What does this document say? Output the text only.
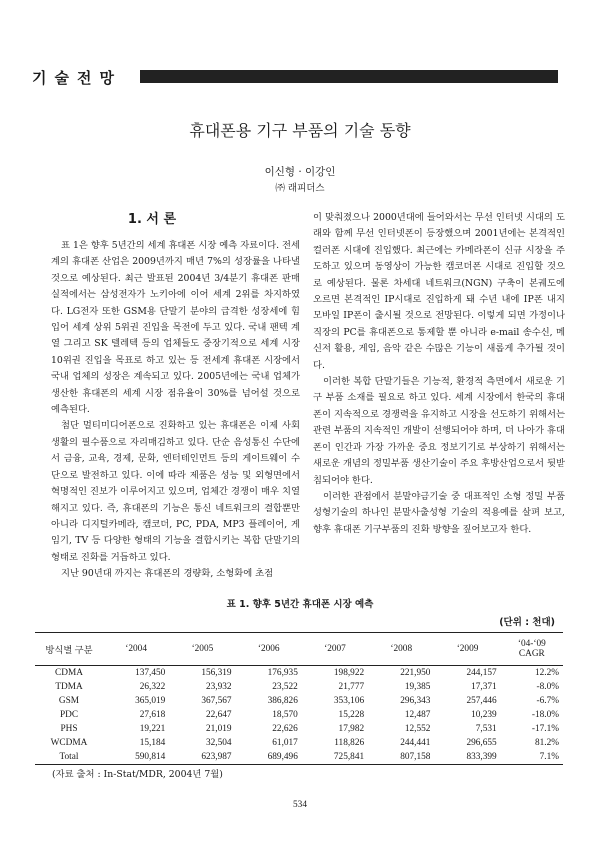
기술전망
휴대폰용 기구 부품의 기술 동향
이신형 · 이강인
㈜ 래피더스
1. 서 론

표 1은 향후 5년간의 세계 휴대폰 시장 예측 자료이다. 전세계의 휴대폰 산업은 2009년까지 매년 7%의 성장률을 나타낼 것으로 예상된다. 최근 발표된 2004년 3/4분기 휴대폰 판매 실적에서는 삼성전자가 노키아에 이어 세계 2위를 차지하였다. LG전자 또한 GSM용 단말기 분야의 급격한 성장세에 힘입어 세계 상위 5위권 진입을 목전에 두고 있다. 국내 팬텍 계열 그리고 SK 텔레텍 등의 업체들도 중장기적으로 세계 시장 10위권 진입을 목표로 하고 있는 등 전세계 휴대폰 시장에서 국내 업체의 성장은 계속되고 있다. 2005년에는 국내 업체가 생산한 휴대폰의 세계 시장 점유율이 30%를 넘어설 것으로 예측된다.

첨단 멀티미디어폰으로 진화하고 있는 휴대폰은 이제 사회생활의 필수품으로 자리매김하고 있다. 단순 음성통신 수단에서 금융, 교육, 경제, 문화, 엔터테인먼트 등의 게이트웨이 수단으로 발전하고 있다. 이에 따라 제품은 성능 및 외형면에서 혁명적인 진보가 이루어지고 있으며, 업체간 경쟁이 매우 치열해지고 있다. 즉, 휴대폰의 기능은 통신 네트워크의 결합뿐만 아니라 디지털카메라, 캠코더, PC, PDA, MP3 플레이어, 게임기, TV 등 다양한 형태의 기능을 결합시키는 복합 단말기의 형태로 진화를 거듭하고 있다.

지난 90년대 까지는 휴대폰의 경량화, 소형화에 초점

이 맞춰졌으나 2000년대에 들어와서는 무선 인터넷 시대의 도래와 함께 무선 인터넷폰이 등장했으며 2001년에는 본격적인 컬러폰 시대에 진입했다. 최근에는 카메라폰이 신규 시장을 주도하고 있으며 동영상이 가능한 캠코더폰 시대로 진입할 것으로 예상된다. 물론 차세대 네트워크(NGN) 구축이 본궤도에 오르면 본격적인 IP시대로 진입하게 돼 수년 내에 IP폰 내지 모바일 IP폰이 출시될 것으로 전망된다. 이렇게 되면 가정이나 직장의 PC를 휴대폰으로 통제할 뿐 아니라 e-mail 송수신, 메신저 활용, 게임, 음악 같은 수많은 기능이 새롭게 추가될 것이다.

이러한 복합 단말기들은 기능적, 환경적 측면에서 새로운 기구 부품 소재를 필요로 하고 있다. 세계 시장에서 한국의 휴대폰이 지속적으로 경쟁력을 유지하고 시장을 선도하기 위해서는 관련 부품의 지속적인 개발이 선행되어야 하며, 더 나아가 휴대폰이 인간과 가장 가까운 중요 정보기기로 부상하기 위해서는 새로운 개념의 정밀부품 생산기술이 주요 후방산업으로서 뒷받침되어야 한다.

이러한 관점에서 분말야금기술 중 대표적인 소형 정밀 부품 성형기술의 하나인 분말사출성형 기술의 적용예를 살펴 보고, 향후 휴대폰 기구부품의 진화 방향을 짚어보고자 한다.

표 1. 향후 5년간 휴대폰 시장 예측
(단위 : 천대)
방식별 구분	‘2004	‘2005	‘2006	‘2007	‘2008	‘2009	‘04-‘09
CAGR

CDMA	137,450	156,319	176,935	198,922	221,950	244,157	12.2%
TDMA	26,322	23,932	23,522	21,777	19,385	17,371	-8.0%
GSM	365,019	367,567	386,826	353,106	296,343	257,446	-6.7%
PDC	27,618	22,647	18,570	15,228	12,487	10,239	-18.0%
PHS	19,221	21,019	22,626	17,982	12,552	7,531	-17.1%
WCDMA	15,184	32,504	61,017	118,826	244,441	296,655	81.2%
Total	590,814	623,987	689,496	725,841	807,158	833,399	7.1%
(자료 출처 : In-Stat/MDR, 2004년 7월)
534
